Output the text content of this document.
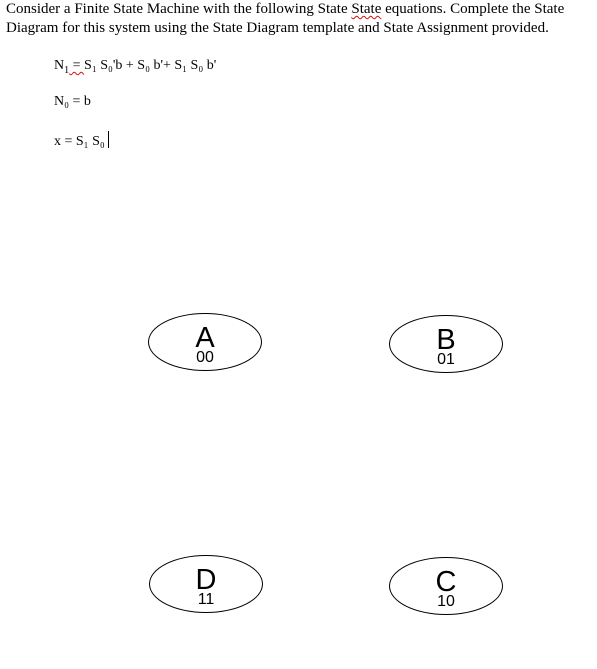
Consider a Finite State Machine with the following State State equations. Complete the State
Diagram for this system using the State Diagram template and State Assignment provided.
$N_1 = S_1$ S₀'b + S₀ b'+ S₁ S₀ b'
N₀ = b
x = S₁ S₀
A
00
B
01
D
11
C
10
